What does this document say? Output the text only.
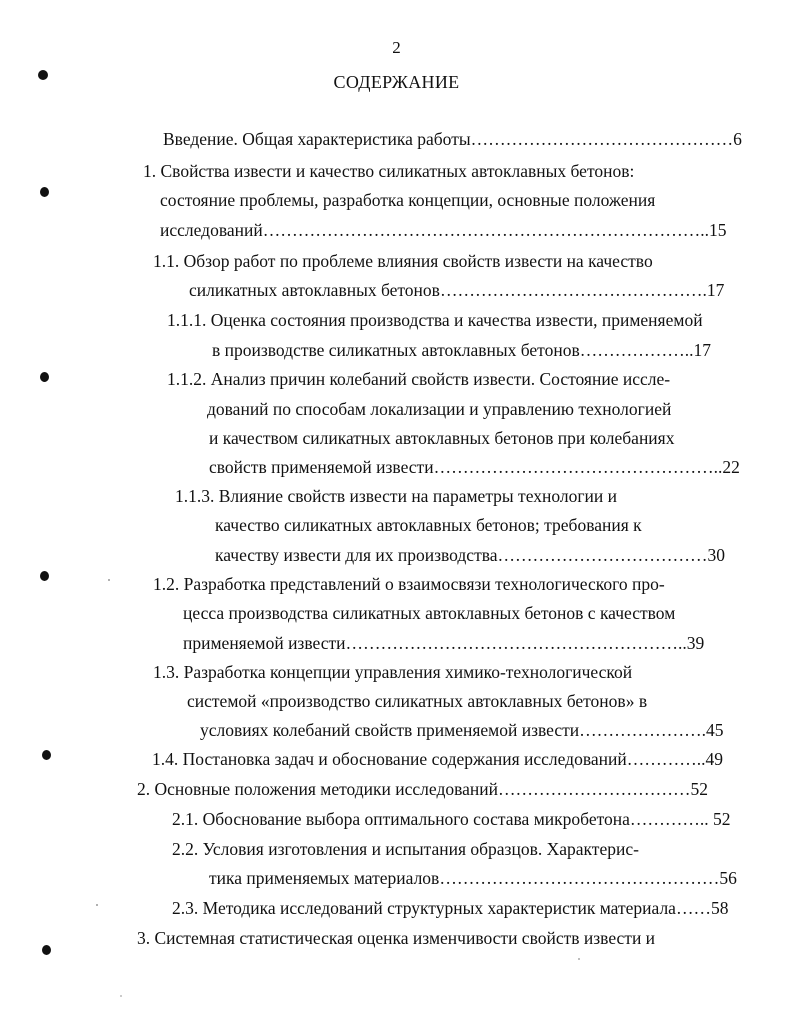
2
СОДЕРЖАНИЕ
Введение. Общая характеристика работы………………………………………6
1. Свойства извести и качество силикатных автоклавных бетонов:
состояние проблемы, разработка концепции, основные положения
исследований…………………………………………………………………..15
1.1. Обзор работ по проблеме влияния свойств извести на качество
силикатных автоклавных бетонов……………………………………….17
1.1.1. Оценка состояния производства и качества извести, применяемой
в производстве силикатных автоклавных бетонов………………..17
1.1.2. Анализ причин колебаний свойств извести. Состояние иссле-
дований по способам локализации и управлению технологией
и качеством силикатных автоклавных бетонов при колебаниях
свойств применяемой извести…………………………………………..22
1.1.3. Влияние свойств извести на параметры технологии и
качество силикатных автоклавных бетонов; требования к
качеству извести для их производства………………………………30
1.2. Разработка представлений о взаимосвязи технологического про-
цесса производства силикатных автоклавных бетонов с качеством
применяемой извести…………………………………………………..39
1.3. Разработка концепции управления химико-технологической
системой «производство силикатных автоклавных бетонов» в
условиях колебаний свойств применяемой извести………………….45
1.4. Постановка задач и обоснование содержания исследований…………..49
2. Основные положения методики исследований……………………………52
2.1. Обоснование выбора оптимального состава микробетона………….. 52
2.2. Условия изготовления и испытания образцов. Характерис-
тика применяемых материалов…………………………………………56
2.3. Методика исследований структурных характеристик материала……58
3. Системная статистическая оценка изменчивости свойств извести и
